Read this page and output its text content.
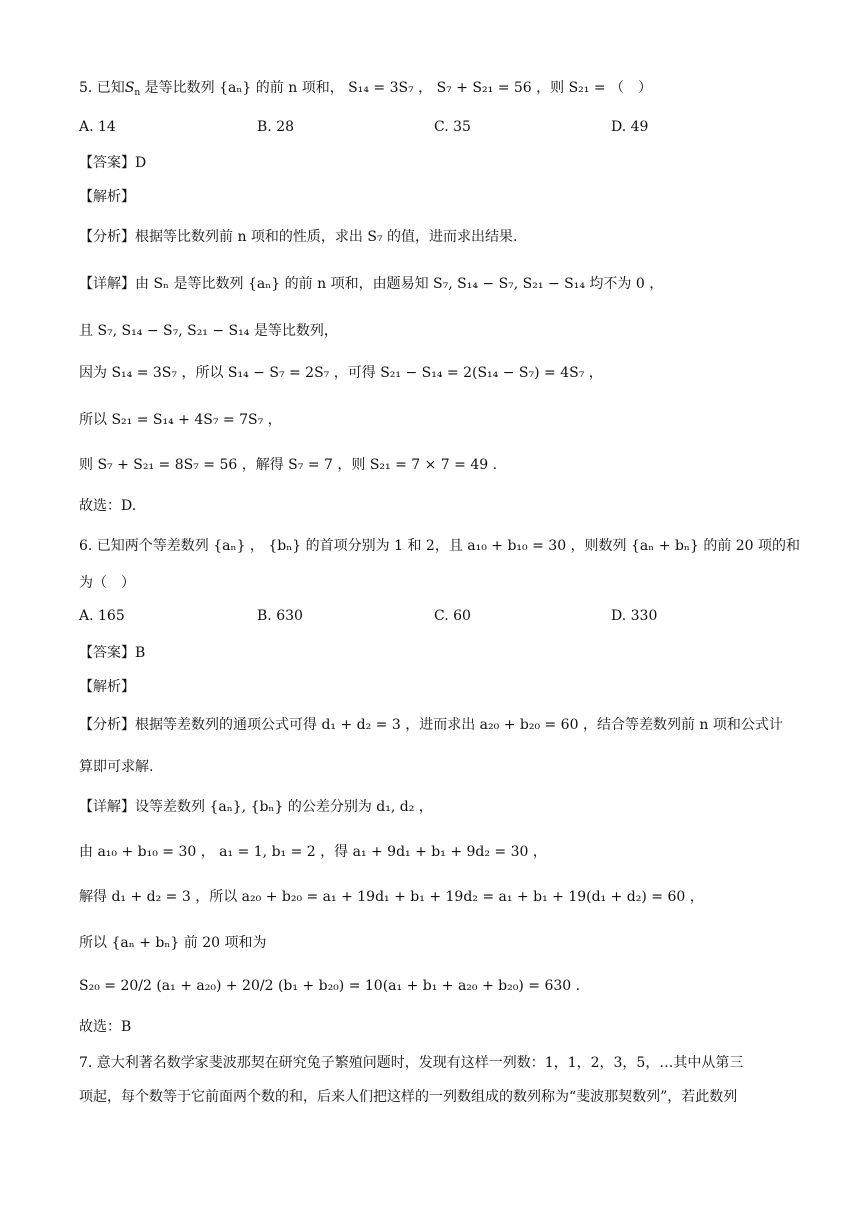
5. 已知$S_n$ 是等比数列 {aₙ} 的前 n 项和， S₁₄ = 3S₇ ， S₇ + S₂₁ = 56 ，则 S₂₁ = （　）
A. 14	B. 28	C. 35	D. 49
【答案】D
【解析】
【分析】根据等比数列前 n 项和的性质，求出 S₇ 的值，进而求出结果.
【详解】由 Sₙ 是等比数列 {aₙ} 的前 n 项和，由题易知 S₇, S₁₄ − S₇, S₂₁ − S₁₄ 均不为 0 ，
且 S₇, S₁₄ − S₇, S₂₁ − S₁₄ 是等比数列，
因为 S₁₄ = 3S₇ ，所以 S₁₄ − S₇ = 2S₇ ，可得 S₂₁ − S₁₄ = 2(S₁₄ − S₇) = 4S₇ ，
所以 S₂₁ = S₁₄ + 4S₇ = 7S₇ ，
则 S₇ + S₂₁ = 8S₇ = 56 ，解得 S₇ = 7 ，则 S₂₁ = 7 × 7 = 49 .
故选：D.
6. 已知两个等差数列 {aₙ} ， {bₙ} 的首项分别为 1 和 2，且 a₁₀ + b₁₀ = 30 ，则数列 {aₙ + bₙ} 的前 20 项的和
为（　）
A. 165	B. 630	C. 60	D. 330
【答案】B
【解析】
【分析】根据等差数列的通项公式可得 d₁ + d₂ = 3 ，进而求出 a₂₀ + b₂₀ = 60 ，结合等差数列前 n 项和公式计
算即可求解.
【详解】设等差数列 {aₙ}, {bₙ} 的公差分别为 d₁, d₂ ，
由 a₁₀ + b₁₀ = 30 ， a₁ = 1, b₁ = 2 ，得 a₁ + 9d₁ + b₁ + 9d₂ = 30 ，
解得 d₁ + d₂ = 3 ，所以 a₂₀ + b₂₀ = a₁ + 19d₁ + b₁ + 19d₂ = a₁ + b₁ + 19(d₁ + d₂) = 60 ，
所以 {aₙ + bₙ} 前 20 项和为
S₂₀ = 20/2 (a₁ + a₂₀) + 20/2 (b₁ + b₂₀) = 10(a₁ + b₁ + a₂₀ + b₂₀) = 630 .
故选：B
7. 意大利著名数学家斐波那契在研究兔子繁殖问题时，发现有这样一列数：1，1，2，3，5，…其中从第三
项起，每个数等于它前面两个数的和，后来人们把这样的一列数组成的数列称为“斐波那契数列”，若此数列
